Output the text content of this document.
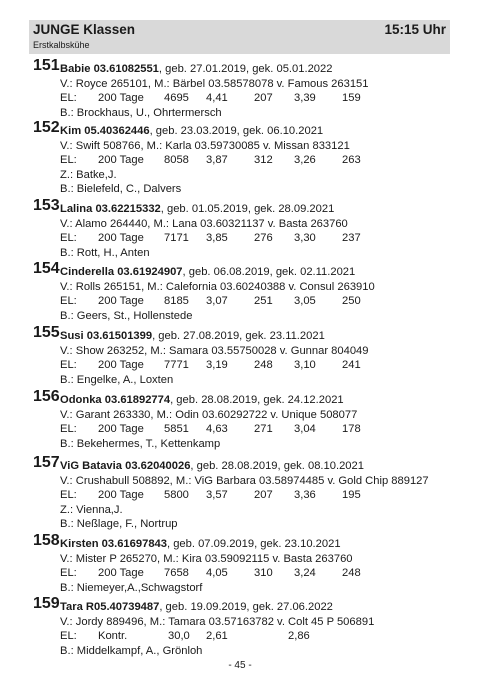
JUNGE Klassen	15:15 Uhr
Erstkalbskühe
151 Babie 03.61082551, geb. 27.01.2019, gek. 05.01.2022
V.: Royce 265101, M.: Bärbel 03.58578078 v. Famous 263151
EL: 200 Tage 4695 4,41 207 3,39 159
B.: Brockhaus, U., Ohrtermersch
152 Kim 05.40362446, geb. 23.03.2019, gek. 06.10.2021
V.: Swift 508766, M.: Karla 03.59730085 v. Missan 833121
EL: 200 Tage 8058 3,87 312 3,26 263
Z.: Batke,J.
B.: Bielefeld, C., Dalvers
153 Lalina 03.62215332, geb. 01.05.2019, gek. 28.09.2021
V.: Alamo 264440, M.: Lana 03.60321137 v. Basta 263760
EL: 200 Tage 7171 3,85 276 3,30 237
B.: Rott, H., Anten
154 Cinderella 03.61924907, geb. 06.08.2019, gek. 02.11.2021
V.: Rolls 265151, M.: Calefornia 03.60240388 v. Consul 263910
EL: 200 Tage 8185 3,07 251 3,05 250
B.: Geers, St., Hollenstede
155 Susi 03.61501399, geb. 27.08.2019, gek. 23.11.2021
V.: Show 263252, M.: Samara 03.55750028 v. Gunnar 804049
EL: 200 Tage 7771 3,19 248 3,10 241
B.: Engelke, A., Loxten
156 Odonka 03.61892774, geb. 28.08.2019, gek. 24.12.2021
V.: Garant 263330, M.: Odin 03.60292722 v. Unique 508077
EL: 200 Tage 5851 4,63 271 3,04 178
B.: Bekehermes, T., Kettenkamp
157 ViG Batavia 03.62040026, geb. 28.08.2019, gek. 08.10.2021
V.: Crushabull 508892, M.: ViG Barbara 03.58974485 v. Gold Chip 889127
EL: 200 Tage 5800 3,57 207 3,36 195
Z.: Vienna,J.
B.: Neßlage, F., Nortrup
158 Kirsten 03.61697843, geb. 07.09.2019, gek. 23.10.2021
V.: Mister P 265270, M.: Kira 03.59092115 v. Basta 263760
EL: 200 Tage 7658 4,05 310 3,24 248
B.: Niemeyer,A.,Schwagstorf
159 Tara R05.40739487, geb. 19.09.2019, gek. 27.06.2022
V.: Jordy 889496, M.: Tamara 03.57163782 v. Colt 45 P 506891
EL: Kontr.	30,0 2,61	2,86
B.: Middelkampf, A., Grönloh
- 45 -
